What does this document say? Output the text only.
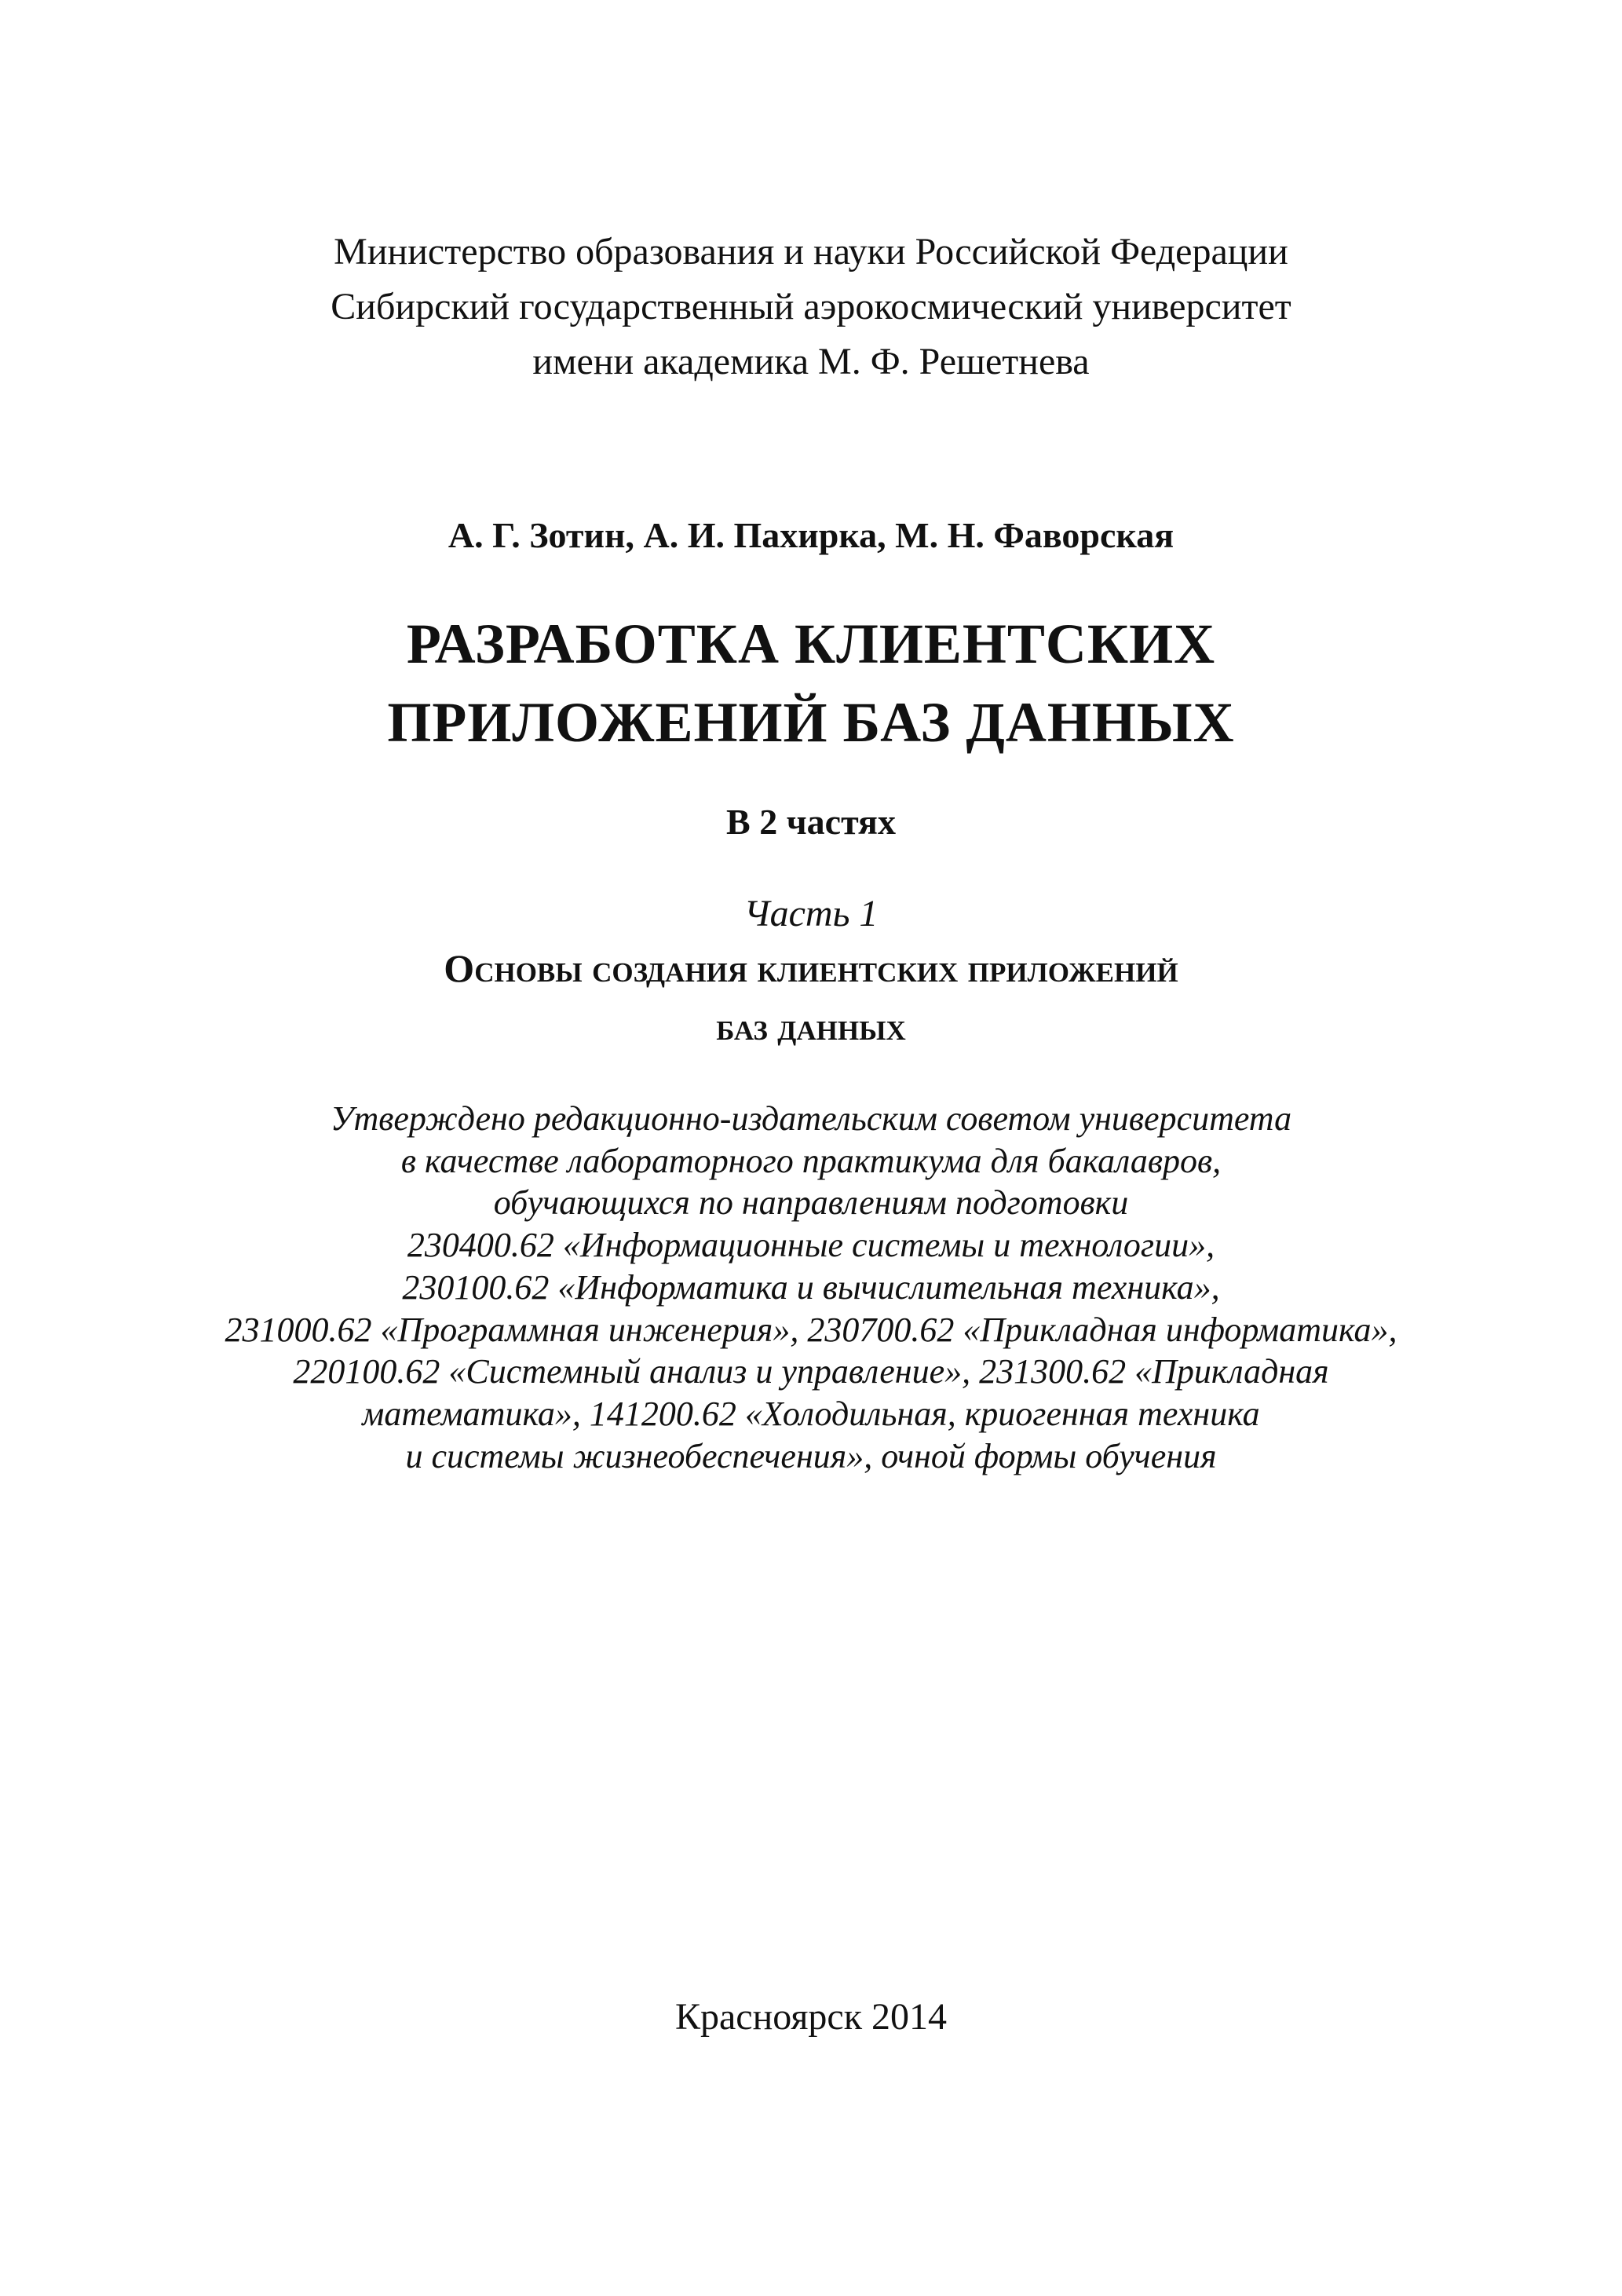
Министерство образования и науки Российской Федерации
Сибирский государственный аэрокосмический университет
имени академика М. Ф. Решетнева
А. Г. Зотин, А. И. Пахирка, М. Н. Фаворская
РАЗРАБОТКА КЛИЕНТСКИХ
ПРИЛОЖЕНИЙ БАЗ ДАННЫХ
В 2 частях
Часть 1
Основы создания клиентских приложений
баз данных
Утверждено редакционно-издательским советом университета
в качестве лабораторного практикума для бакалавров,
обучающихся по направлениям подготовки
230400.62 «Информационные системы и технологии»,
230100.62 «Информатика и вычислительная техника»,
231000.62 «Программная инженерия», 230700.62 «Прикладная информатика»,
220100.62 «Системный анализ и управление», 231300.62 «Прикладная
математика», 141200.62 «Холодильная, криогенная техника
и системы жизнеобеспечения», очной формы обучения
Красноярск 2014
